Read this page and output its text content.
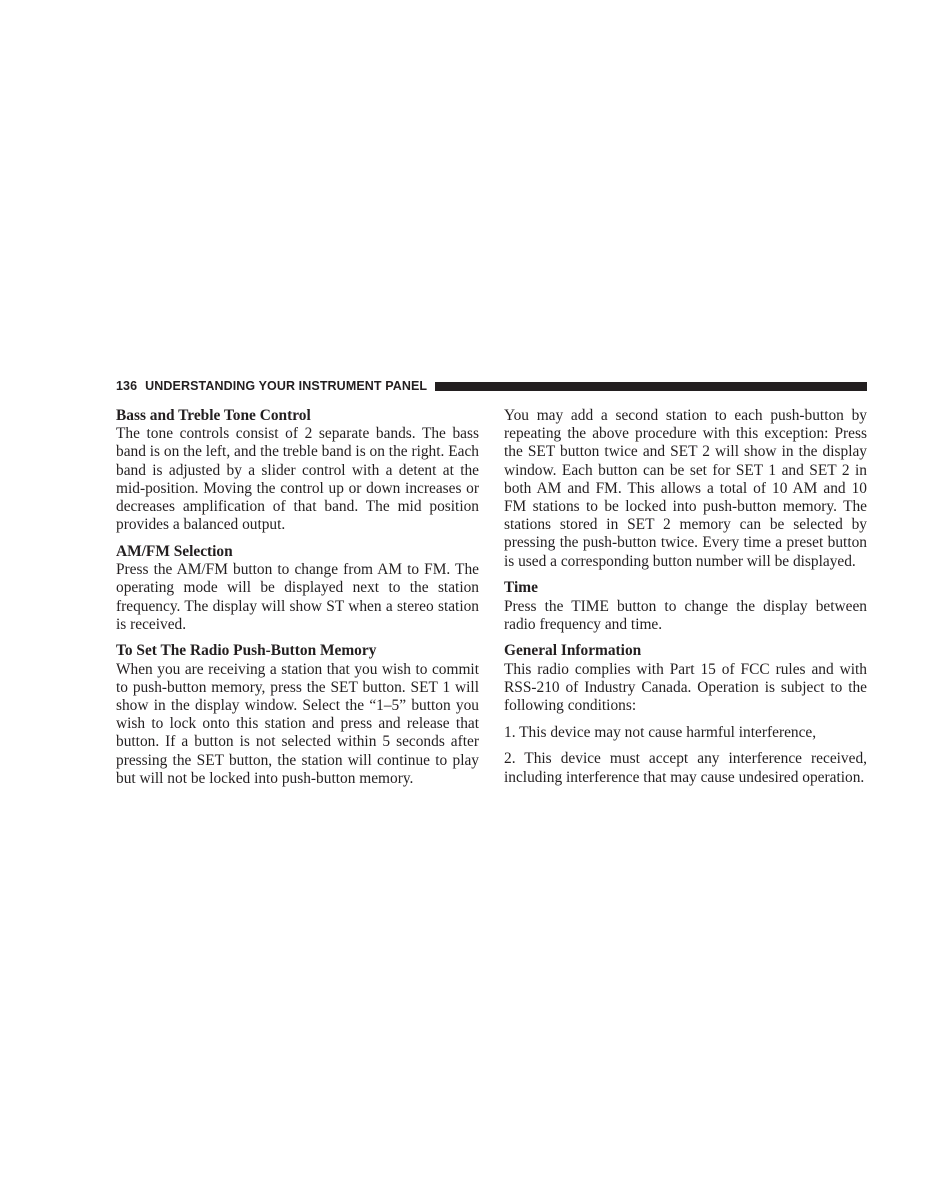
136 UNDERSTANDING YOUR INSTRUMENT PANEL
Bass and Treble Tone Control

The tone controls consist of 2 separate bands. The bass band is on the left, and the treble band is on the right. Each band is adjusted by a slider control with a detent at the mid-position. Moving the control up or down increases or decreases amplification of that band. The mid position provides a balanced output.

AM/FM Selection

Press the AM/FM button to change from AM to FM. The operating mode will be displayed next to the station frequency. The display will show ST when a stereo station is received.

To Set The Radio Push-Button Memory

When you are receiving a station that you wish to commit to push-button memory, press the SET button. SET 1 will show in the display window. Select the “1–5” button you wish to lock onto this station and press and release that button. If a button is not selected within 5 seconds after pressing the SET button, the station will continue to play but will not be locked into push-button memory.

You may add a second station to each push-button by repeating the above procedure with this exception: Press the SET button twice and SET 2 will show in the display window. Each button can be set for SET 1 and SET 2 in both AM and FM. This allows a total of 10 AM and 10 FM stations to be locked into push-button memory. The stations stored in SET 2 memory can be selected by pressing the push-button twice. Every time a preset button is used a corresponding button number will be displayed.

Time

Press the TIME button to change the display between radio frequency and time.

General Information

This radio complies with Part 15 of FCC rules and with RSS-210 of Industry Canada. Operation is subject to the following conditions:

1. This device may not cause harmful interference,

2. This device must accept any interference received, including interference that may cause undesired operation.
